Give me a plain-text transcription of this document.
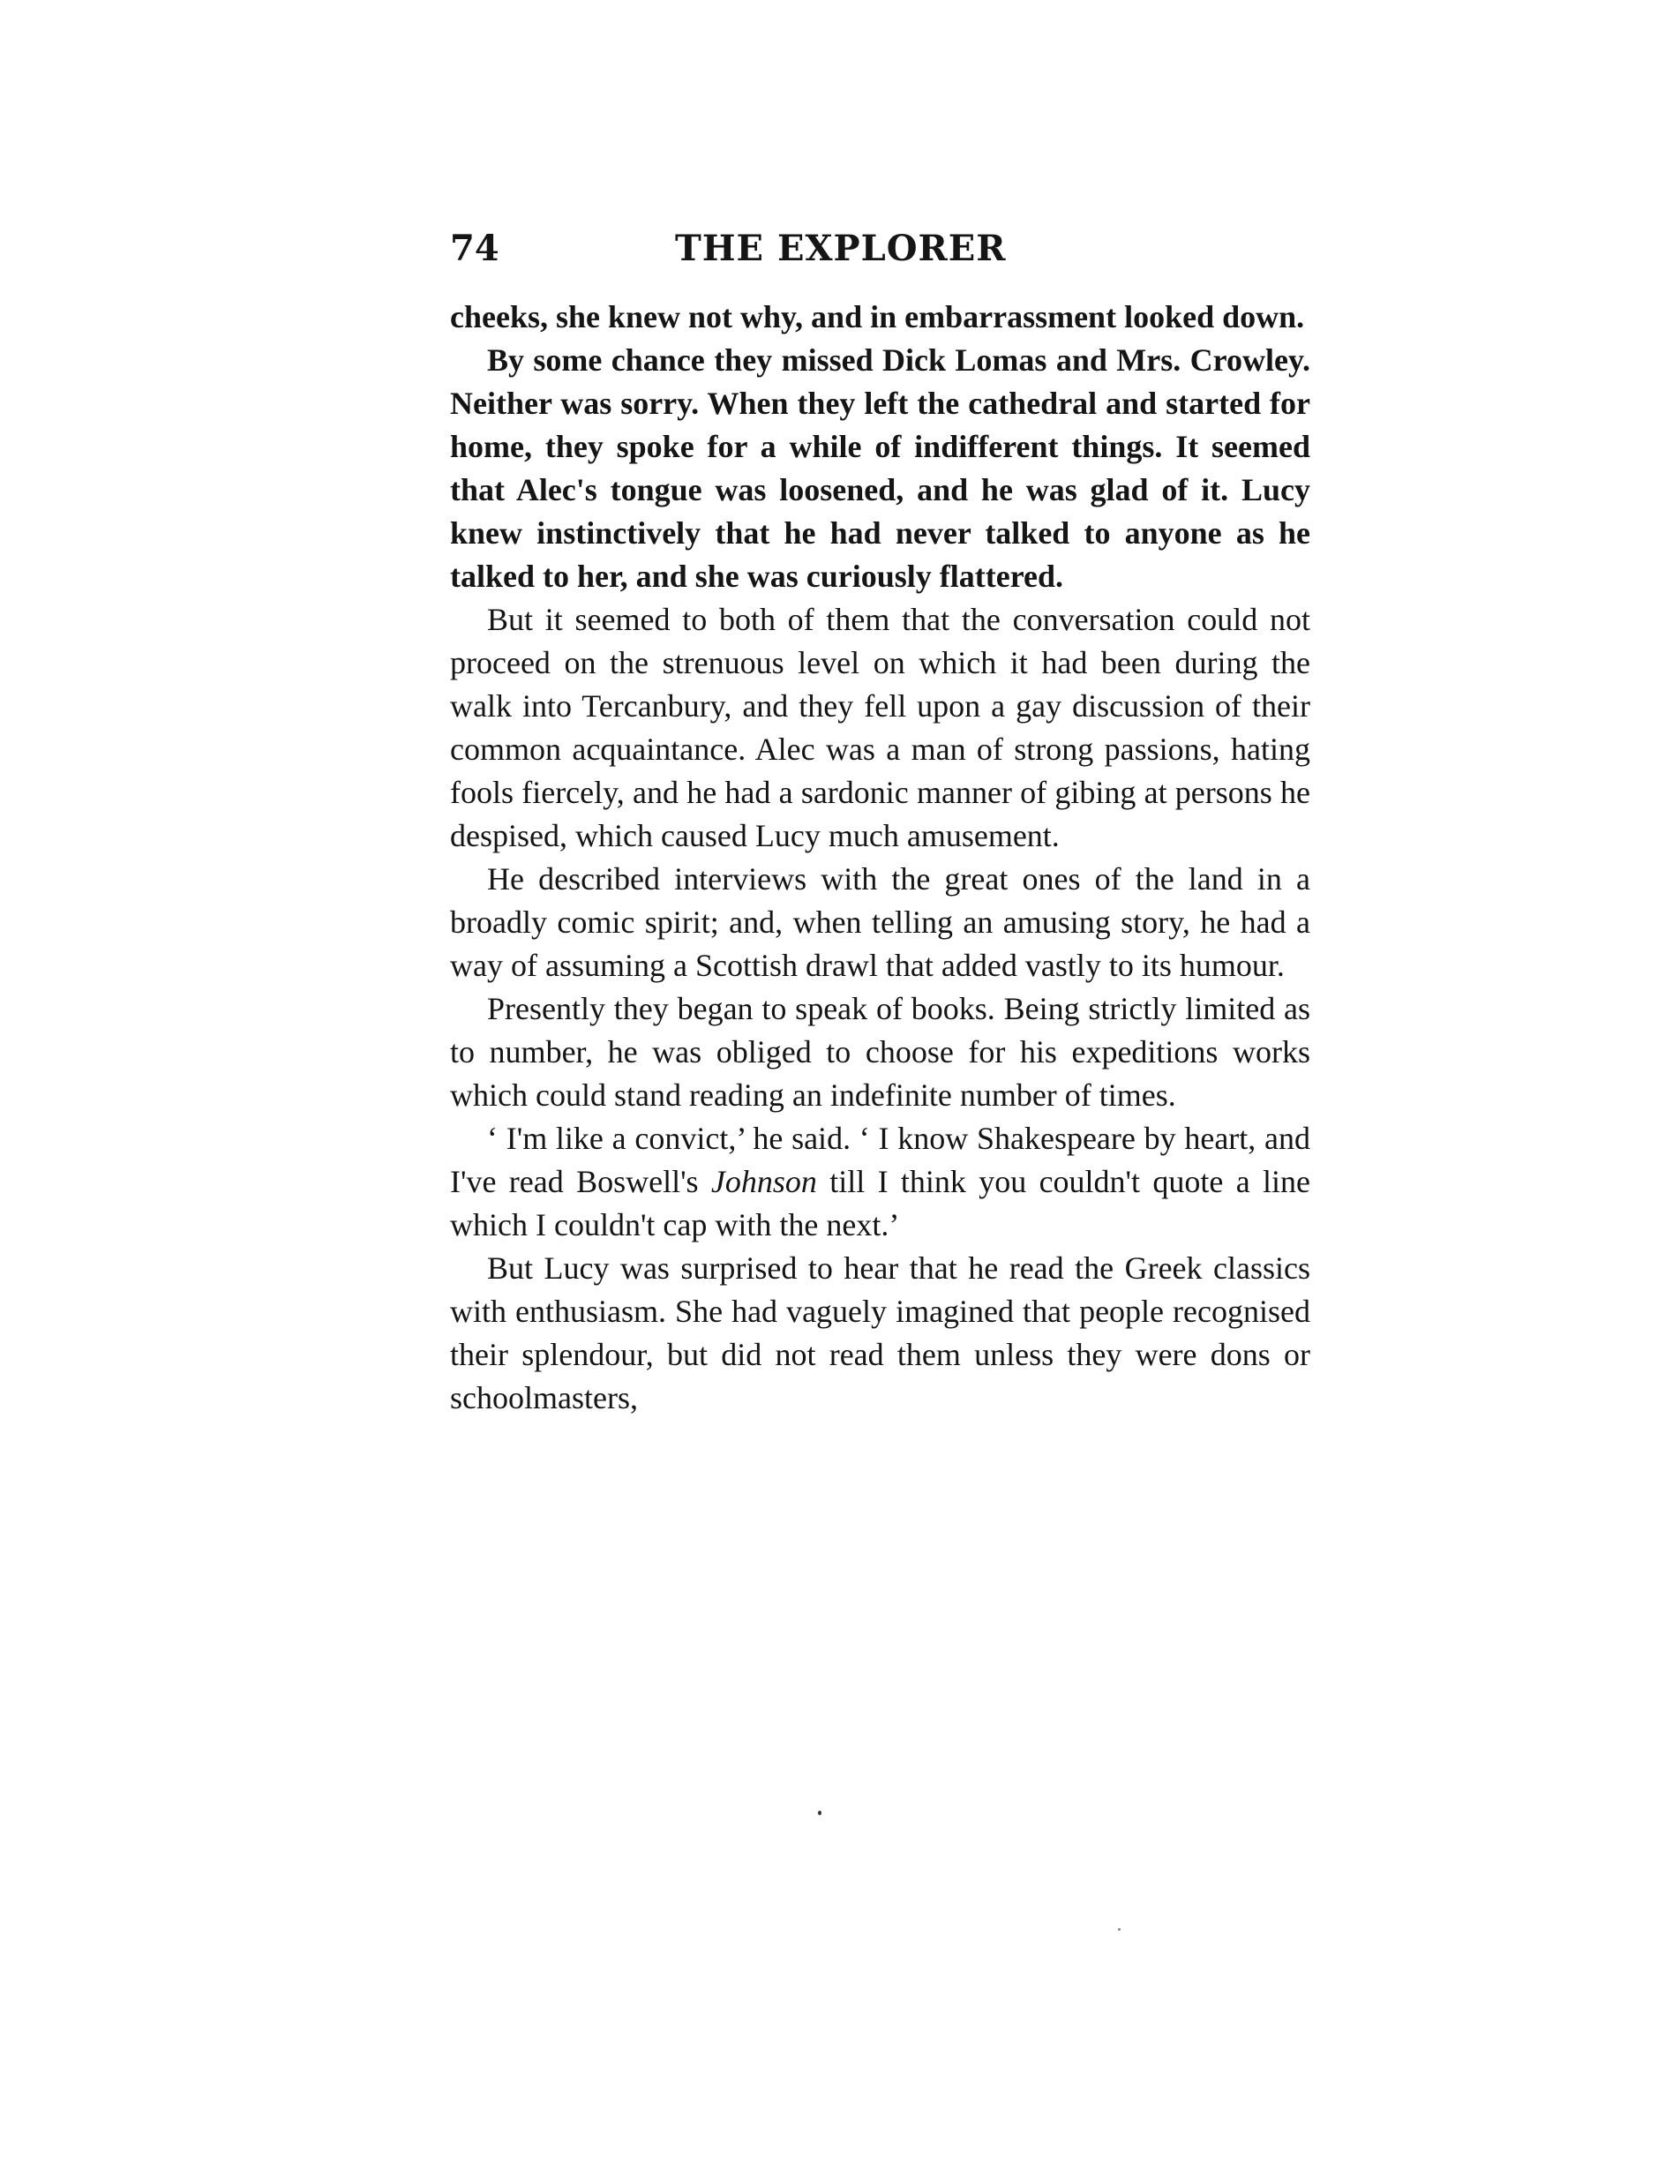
74	THE EXPLORER

cheeks, she knew not why, and in embarrassment looked down.

By some chance they missed Dick Lomas and Mrs. Crowley. Neither was sorry. When they left the cathedral and started for home, they spoke for a while of indifferent things. It seemed that Alec's tongue was loosened, and he was glad of it. Lucy knew instinctively that he had never talked to anyone as he talked to her, and she was curiously flattered.

But it seemed to both of them that the conversation could not proceed on the strenuous level on which it had been during the walk into Tercanbury, and they fell upon a gay discussion of their common acquaintance. Alec was a man of strong passions, hating fools fiercely, and he had a sardonic manner of gibing at persons he despised, which caused Lucy much amusement.

He described interviews with the great ones of the land in a broadly comic spirit; and, when telling an amusing story, he had a way of assuming a Scottish drawl that added vastly to its humour.

Presently they began to speak of books. Being strictly limited as to number, he was obliged to choose for his expeditions works which could stand reading an indefinite number of times.

‘ I'm like a convict,’ he said. ‘ I know Shakespeare by heart, and I've read Boswell's Johnson till I think you couldn't quote a line which I couldn't cap with the next.’

But Lucy was surprised to hear that he read the Greek classics with enthusiasm. She had vaguely imagined that people recognised their splendour, but did not read them unless they were dons or schoolmasters,
